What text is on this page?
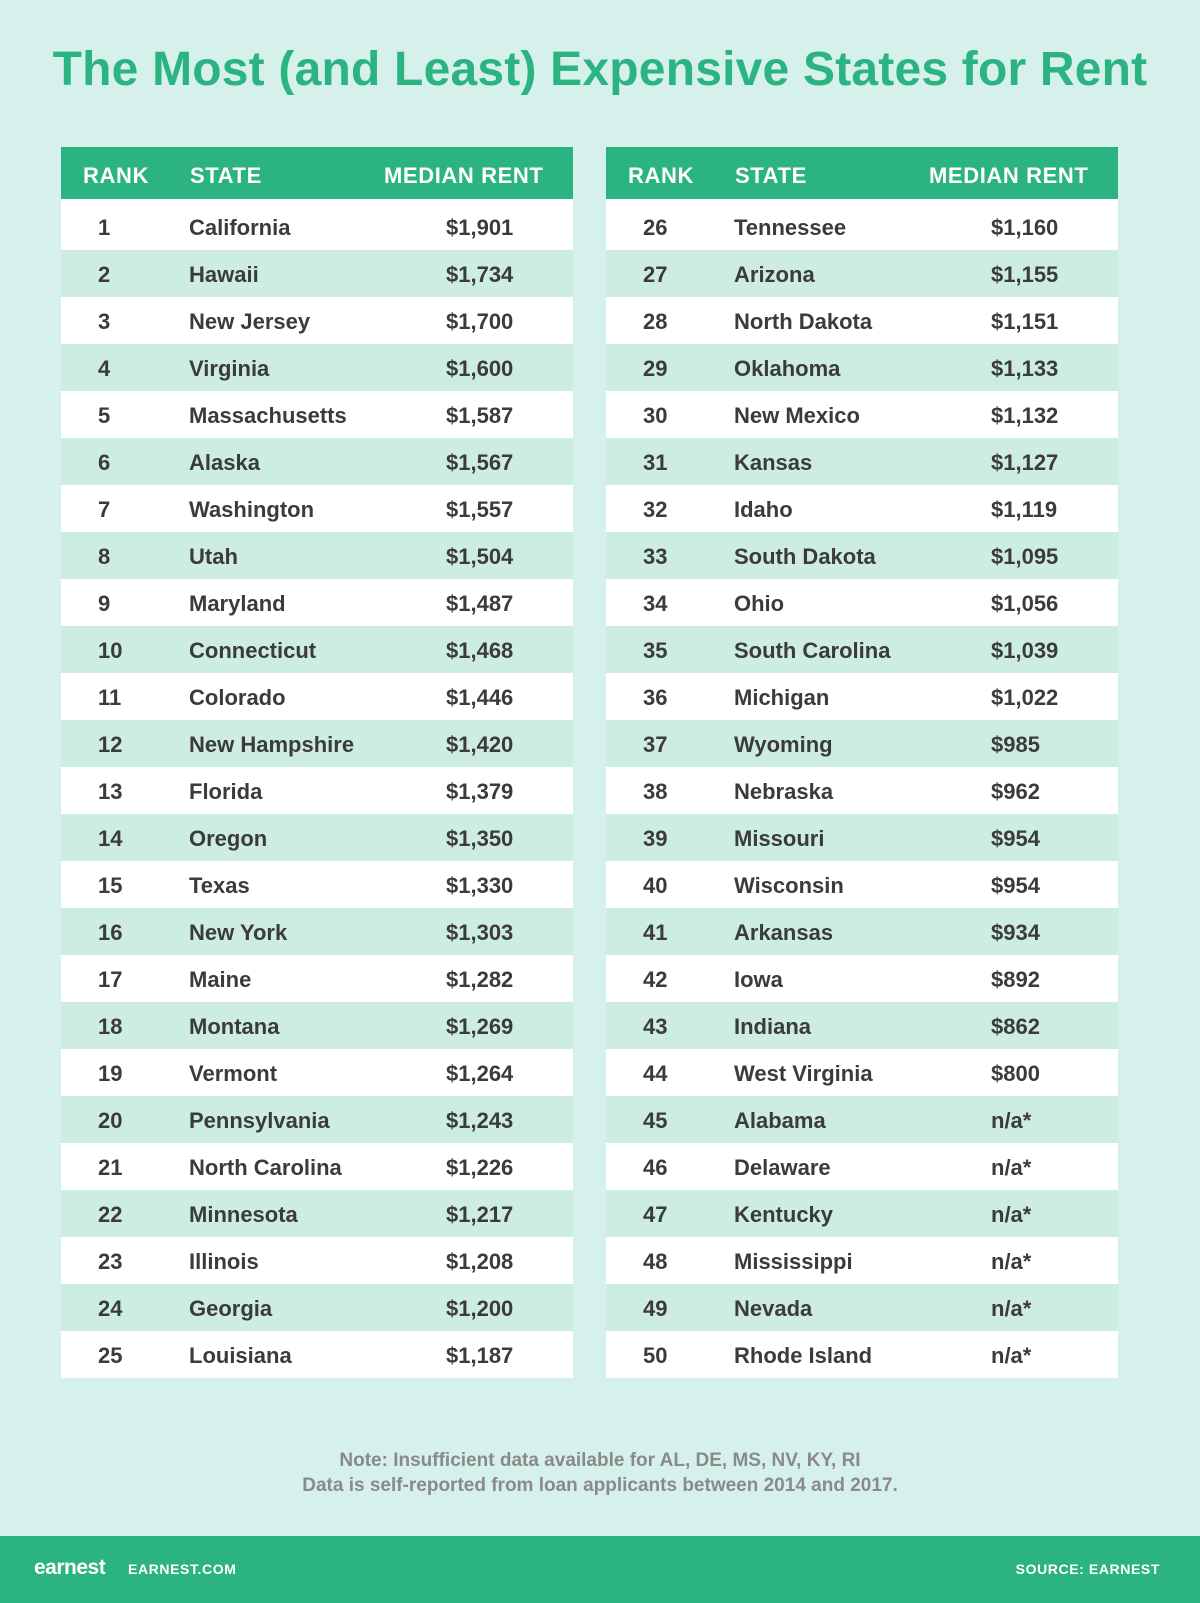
The Most (and Least) Expensive States for Rent
RANK STATE	MEDIAN RENT
1	California	$1,901
2	Hawaii	$1,734
3	New Jersey	$1,700
4	Virginia	$1,600
5	Massachusetts	$1,587
6	Alaska	$1,567
7	Washington	$1,557
8	Utah	$1,504
9	Maryland	$1,487
10	Connecticut	$1,468
11	Colorado	$1,446
12	New Hampshire	$1,420
13	Florida	$1,379
14	Oregon	$1,350
15	Texas	$1,330
16	New York	$1,303
17	Maine	$1,282
18	Montana	$1,269
19	Vermont	$1,264
20	Pennsylvania	$1,243
21	North Carolina	$1,226
22	Minnesota	$1,217
23	Illinois	$1,208
24	Georgia	$1,200
25	Louisiana	$1,187
RANK STATE	MEDIAN RENT
26	Tennessee	$1,160
27	Arizona	$1,155
28	North Dakota	$1,151
29	Oklahoma	$1,133
30	New Mexico	$1,132
31	Kansas	$1,127
32	Idaho	$1,119
33	South Dakota	$1,095
34	Ohio	$1,056
35	South Carolina	$1,039
36	Michigan	$1,022
37	Wyoming	$985
38	Nebraska	$962
39	Missouri	$954
40	Wisconsin	$954
41	Arkansas	$934
42	Iowa	$892
43	Indiana	$862
44	West Virginia	$800
45	Alabama	n/a*
46	Delaware	n/a*
47	Kentucky	n/a*
48	Mississippi	n/a*
49	Nevada	n/a*
50	Rhode Island	n/a*
Note: Insufficient data available for AL, DE, MS, NV, KY, RI
Data is self-reported from loan applicants between 2014 and 2017.
earnest EARNEST.COM	SOURCE: EARNEST
